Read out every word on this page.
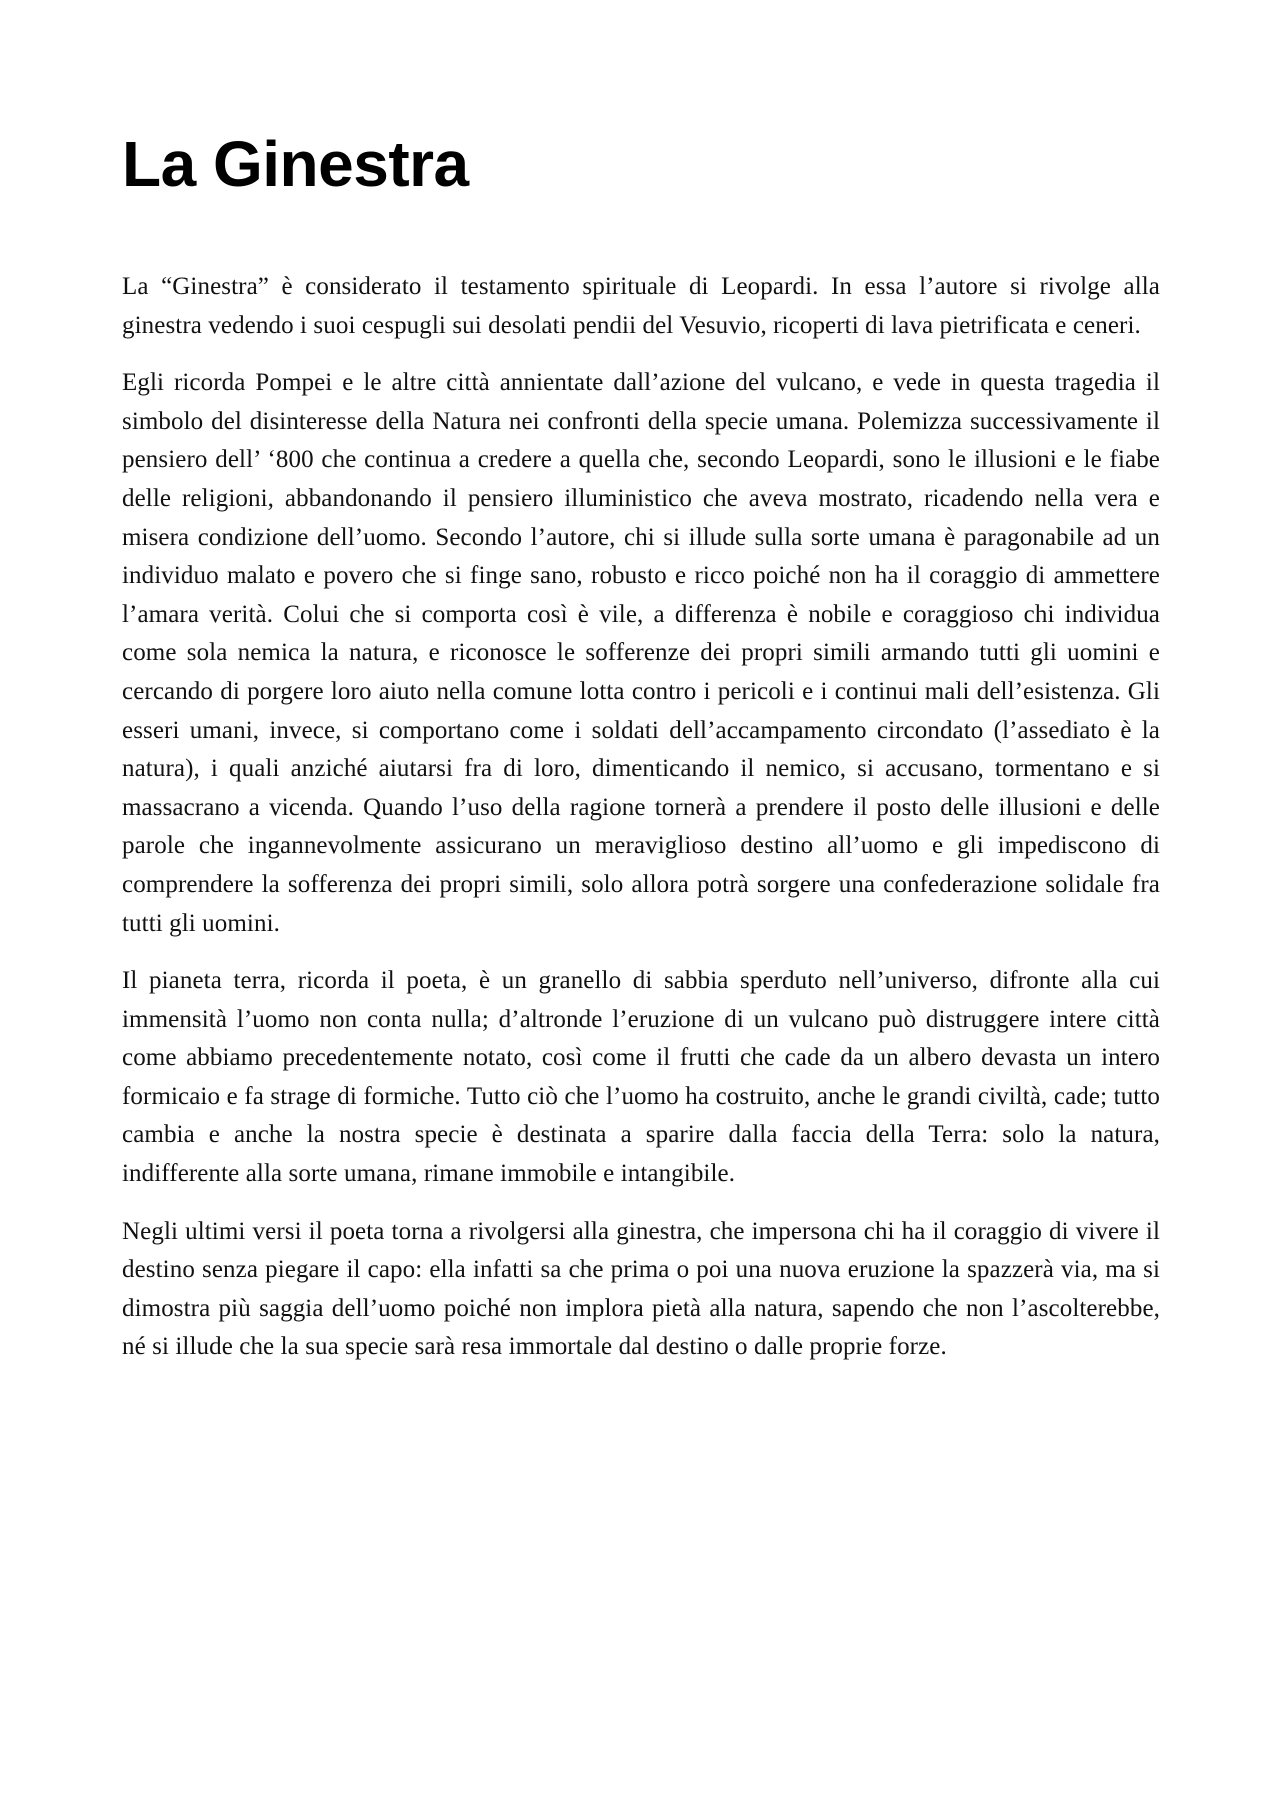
La Ginestra

La “Ginestra” è considerato il testamento spirituale di Leopardi. In essa l’autore si rivolge alla ginestra vedendo i suoi cespugli sui desolati pendii del Vesuvio, ricoperti di lava pietrificata e ceneri.

Egli ricorda Pompei e le altre città annientate dall’azione del vulcano, e vede in questa tragedia il simbolo del disinteresse della Natura nei confronti della specie umana. Polemizza successivamente il pensiero dell’ ‘800 che continua a credere a quella che, secondo Leopardi, sono le illusioni e le fiabe delle religioni, abbandonando il pensiero illuministico che aveva mostrato, ricadendo nella vera e misera condizione dell’uomo. Secondo l’autore, chi si illude sulla sorte umana è paragonabile ad un individuo malato e povero che si finge sano, robusto e ricco poiché non ha il coraggio di ammettere l’amara verità. Colui che si comporta così è vile, a differenza è nobile e coraggioso chi individua come sola nemica la natura, e riconosce le sofferenze dei propri simili armando tutti gli uomini e cercando di porgere loro aiuto nella comune lotta contro i pericoli e i continui mali dell’esistenza. Gli esseri umani, invece, si comportano come i soldati dell’accampamento circondato (l’assediato è la natura), i quali anziché aiutarsi fra di loro, dimenticando il nemico, si accusano, tormentano e si massacrano a vicenda. Quando l’uso della ragione tornerà a prendere il posto delle illusioni e delle parole che ingannevolmente assicurano un meraviglioso destino all’uomo e gli impediscono di comprendere la sofferenza dei propri simili, solo allora potrà sorgere una confederazione solidale fra tutti gli uomini.

Il pianeta terra, ricorda il poeta, è un granello di sabbia sperduto nell’universo, difronte alla cui immensità l’uomo non conta nulla; d’altronde l’eruzione di un vulcano può distruggere intere città come abbiamo precedentemente notato, così come il frutti che cade da un albero devasta un intero formicaio e fa strage di formiche. Tutto ciò che l’uomo ha costruito, anche le grandi civiltà, cade; tutto cambia e anche la nostra specie è destinata a sparire dalla faccia della Terra: solo la natura, indifferente alla sorte umana, rimane immobile e intangibile.

Negli ultimi versi il poeta torna a rivolgersi alla ginestra, che impersona chi ha il coraggio di vivere il destino senza piegare il capo: ella infatti sa che prima o poi una nuova eruzione la spazzerà via, ma si dimostra più saggia dell’uomo poiché non implora pietà alla natura, sapendo che non l’ascolterebbe, né si illude che la sua specie sarà resa immortale dal destino o dalle proprie forze.
